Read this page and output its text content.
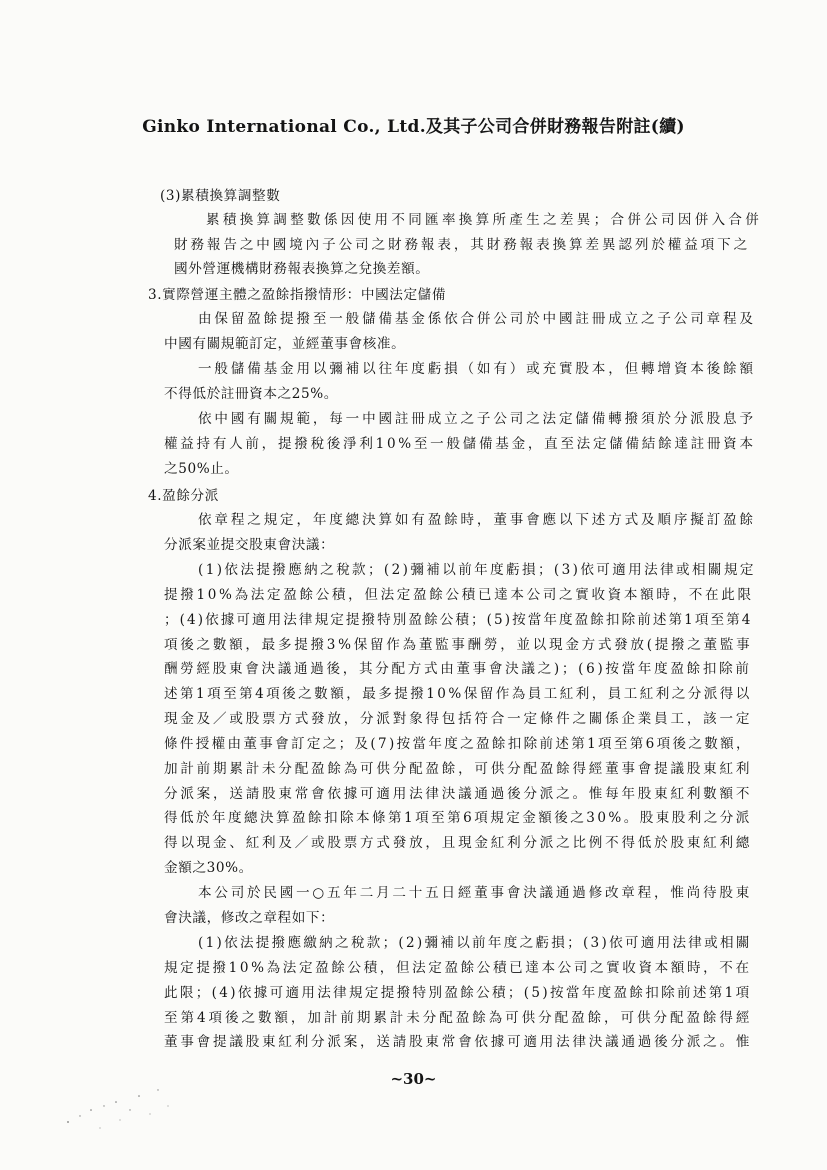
Ginko International Co., Ltd.及其子公司合併財務報告附註(續)
(3)累積換算調整數
累積換算調整數係因使用不同匯率換算所產生之差異；合併公司因併入合併
財務報告之中國境內子公司之財務報表，其財務報表換算差異認列於權益項下之
國外營運機構財務報表換算之兌換差額。
3.實際營運主體之盈餘指撥情形：中國法定儲備
由保留盈餘提撥至一般儲備基金係依合併公司於中國註冊成立之子公司章程及
中國有關規範訂定，並經董事會核准。
一般儲備基金用以彌補以往年度虧損（如有）或充實股本，但轉增資本後餘額
不得低於註冊資本之25%。
依中國有關規範，每一中國註冊成立之子公司之法定儲備轉撥須於分派股息予
權益持有人前，提撥稅後淨利10%至一般儲備基金，直至法定儲備結餘達註冊資本
之50%止。
4.盈餘分派
依章程之規定，年度總決算如有盈餘時，董事會應以下述方式及順序擬訂盈餘
分派案並提交股東會決議：
(1)依法提撥應納之稅款；(2)彌補以前年度虧損；(3)依可適用法律或相關規定
提撥10%為法定盈餘公積，但法定盈餘公積已達本公司之實收資本額時，不在此限
；(4)依據可適用法律規定提撥特別盈餘公積；(5)按當年度盈餘扣除前述第1項至第4
項後之數額，最多提撥3%保留作為董監事酬勞，並以現金方式發放(提撥之董監事
酬勞經股東會決議通過後，其分配方式由董事會決議之)；(6)按當年度盈餘扣除前
述第1項至第4項後之數額，最多提撥10%保留作為員工紅利，員工紅利之分派得以
現金及／或股票方式發放，分派對象得包括符合一定條件之關係企業員工，該一定
條件授權由董事會訂定之；及(7)按當年度之盈餘扣除前述第1項至第6項後之數額，
加計前期累計未分配盈餘為可供分配盈餘，可供分配盈餘得經董事會提議股東紅利
分派案，送請股東常會依據可適用法律決議通過後分派之。惟每年股東紅利數額不
得低於年度總決算盈餘扣除本條第1項至第6項規定金額後之30%。股東股利之分派
得以現金、紅利及／或股票方式發放，且現金紅利分派之比例不得低於股東紅利總
金額之30%。
本公司於民國一○五年二月二十五日經董事會決議通過修改章程，惟尚待股東
會決議，修改之章程如下：
(1)依法提撥應繳納之稅款；(2)彌補以前年度之虧損；(3)依可適用法律或相關
規定提撥10%為法定盈餘公積，但法定盈餘公積已達本公司之實收資本額時，不在
此限；(4)依據可適用法律規定提撥特別盈餘公積；(5)按當年度盈餘扣除前述第1項
至第4項後之數額，加計前期累計未分配盈餘為可供分配盈餘，可供分配盈餘得經
董事會提議股東紅利分派案，送請股東常會依據可適用法律決議通過後分派之。惟
~30~
